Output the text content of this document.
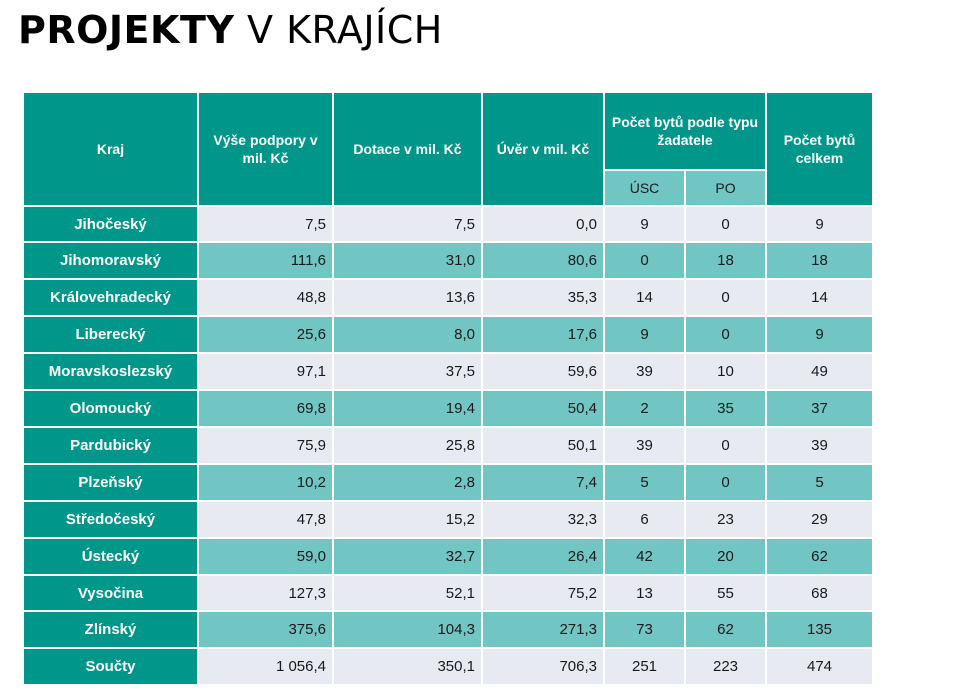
PROJEKTY V KRAJÍCH
Kraj	Výše podpory v mil. Kč	Dotace v mil. Kč	Úvěr v mil. Kč	Počet bytů podle typu žadatele		Počet bytů celkem
				ÚSC	PO	
Jihočeský	7,5	7,5	0,0	9	0	9
Jihomoravský	111,6	31,0	80,6	0	18	18
Královehradecký	48,8	13,6	35,3	14	0	14
Liberecký	25,6	8,0	17,6	9	0	9
Moravskoslezský	97,1	37,5	59,6	39	10	49
Olomoucký	69,8	19,4	50,4	2	35	37
Pardubický	75,9	25,8	50,1	39	0	39
Plzeňský	10,2	2,8	7,4	5	0	5
Středočeský	47,8	15,2	32,3	6	23	29
Ústecký	59,0	32,7	26,4	42	20	62
Vysočina	127,3	52,1	75,2	13	55	68
Zlínský	375,6	104,3	271,3	73	62	135
Součty	1 056,4	350,1	706,3	251	223	474
